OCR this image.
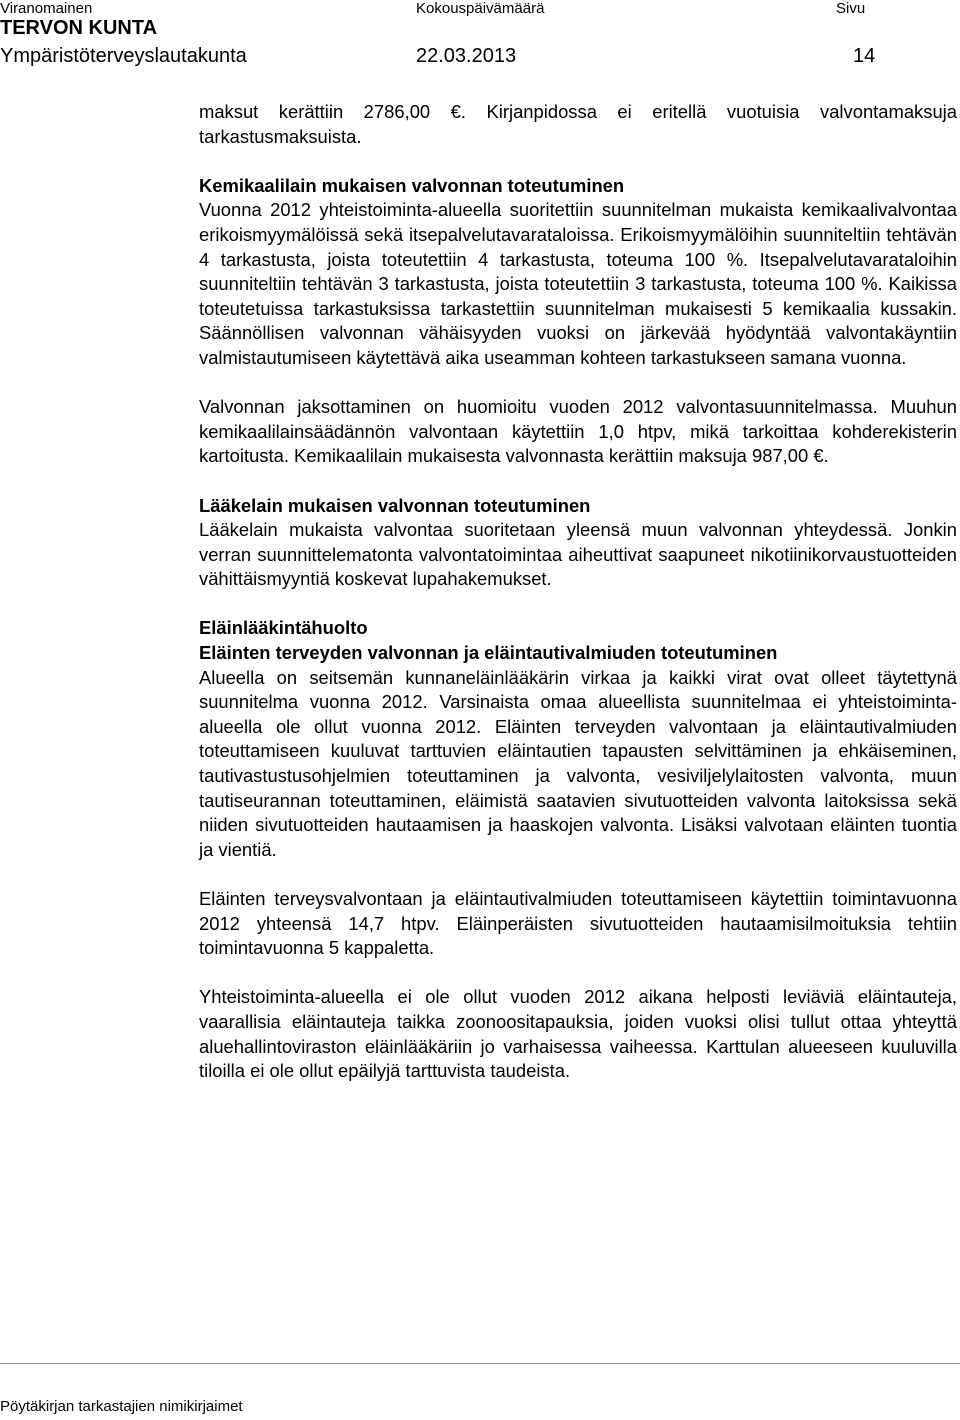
Viranomainen	Kokouspäivämäärä	Sivu
TERVON KUNTA
Ympäristöterveyslautakunta	22.03.2013	14

maksut kerättiin 2786,00 €. Kirjanpidossa ei eritellä vuotuisia valvontamaksuja tarkastusmaksuista.

Kemikaalilain mukaisen valvonnan toteutuminen

Vuonna 2012 yhteistoiminta-alueella suoritettiin suunnitelman mukaista kemikaalivalvontaa erikoismyymälöissä sekä itsepalvelutavarataloissa. Erikoismyymälöihin suunniteltiin tehtävän 4 tarkastusta, joista toteutettiin 4 tarkastusta, toteuma 100 %. Itsepalvelutavarataloihin suunniteltiin tehtävän 3 tarkastusta, joista toteutettiin 3 tarkastusta, toteuma 100 %. Kaikissa toteutetuissa tarkastuksissa tarkastettiin suunnitelman mukaisesti 5 kemikaalia kussakin. Säännöllisen valvonnan vähäisyyden vuoksi on järkevää hyödyntää valvontakäyntiin valmistautumiseen käytettävä aika useamman kohteen tarkastukseen samana vuonna.

Valvonnan jaksottaminen on huomioitu vuoden 2012 valvontasuunnitelmassa. Muuhun kemikaalilainsäädännön valvontaan käytettiin 1,0 htpv, mikä tarkoittaa kohderekisterin kartoitusta. Kemikaalilain mukaisesta valvonnasta kerättiin maksuja 987,00 €.

Lääkelain mukaisen valvonnan toteutuminen

Lääkelain mukaista valvontaa suoritetaan yleensä muun valvonnan yhteydessä. Jonkin verran suunnittelematonta valvontatoimintaa aiheuttivat saapuneet nikotiinikorvaustuotteiden vähittäismyyntiä koskevat lupahakemukset.

Eläinlääkintähuolto

Eläinten terveyden valvonnan ja eläintautivalmiuden toteutuminen

Alueella on seitsemän kunnaneläinlääkärin virkaa ja kaikki virat ovat olleet täytettynä suunnitelma vuonna 2012. Varsinaista omaa alueellista suunnitelmaa ei yhteistoiminta-alueella ole ollut vuonna 2012. Eläinten terveyden valvontaan ja eläintautivalmiuden toteuttamiseen kuuluvat tarttuvien eläintautien tapausten selvittäminen ja ehkäiseminen, tautivastustusohjelmien toteuttaminen ja valvonta, vesiviljelylaitosten valvonta, muun tautiseurannan toteuttaminen, eläimistä saatavien sivutuotteiden valvonta laitoksissa sekä niiden sivutuotteiden hautaamisen ja haaskojen valvonta. Lisäksi valvotaan eläinten tuontia ja vientiä.

Eläinten terveysvalvontaan ja eläintautivalmiuden toteuttamiseen käytettiin toimintavuonna 2012 yhteensä 14,7 htpv. Eläinperäisten sivutuotteiden hautaamisilmoituksia tehtiin toimintavuonna 5 kappaletta.

Yhteistoiminta-alueella ei ole ollut vuoden 2012 aikana helposti leviäviä eläintauteja, vaarallisia eläintauteja taikka zoonoositapauksia, joiden vuoksi olisi tullut ottaa yhteyttä aluehallintoviraston eläinlääkäriin jo varhaisessa vaiheessa. Karttulan alueeseen kuuluvilla tiloilla ei ole ollut epäilyjä tarttuvista taudeista.

Pöytäkirjan tarkastajien nimikirjaimet
